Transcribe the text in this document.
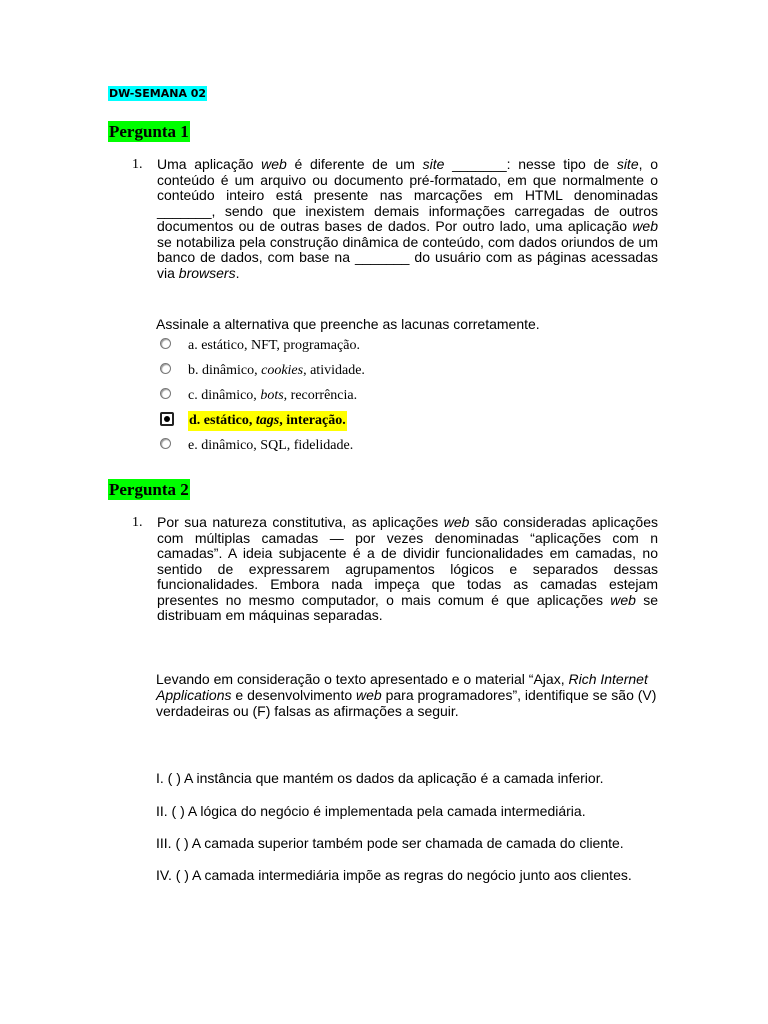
DW-SEMANA 02
Pergunta 1
1. Uma aplicação web é diferente de um site _______: nesse tipo de site, o conteúdo é um arquivo ou documento pré-formatado, em que normalmente o conteúdo inteiro está presente nas marcações em HTML denominadas _______, sendo que inexistem demais informações carregadas de outros documentos ou de outras bases de dados. Por outro lado, uma aplicação web se notabiliza pela construção dinâmica de conteúdo, com dados oriundos de um banco de dados, com base na _______ do usuário com as páginas acessadas via browsers.
Assinale a alternativa que preenche as lacunas corretamente.
a. estático, NFT, programação.
b. dinâmico, cookies, atividade.
c. dinâmico, bots, recorrência.
d. estático, tags, interação.
e. dinâmico, SQL, fidelidade.
Pergunta 2
1. Por sua natureza constitutiva, as aplicações web são consideradas aplicações com múltiplas camadas — por vezes denominadas “aplicações com n camadas”. A ideia subjacente é a de dividir funcionalidades em camadas, no sentido de expressarem agrupamentos lógicos e separados dessas funcionalidades. Embora nada impeça que todas as camadas estejam presentes no mesmo computador, o mais comum é que aplicações web se distribuam em máquinas separadas.
Levando em consideração o texto apresentado e o material “Ajax, Rich Internet Applications e desenvolvimento web para programadores”, identifique se são (V) verdadeiras ou (F) falsas as afirmações a seguir.
I. ( ) A instância que mantém os dados da aplicação é a camada inferior.
II. ( ) A lógica do negócio é implementada pela camada intermediária.
III. ( ) A camada superior também pode ser chamada de camada do cliente.
IV. ( ) A camada intermediária impõe as regras do negócio junto aos clientes.
